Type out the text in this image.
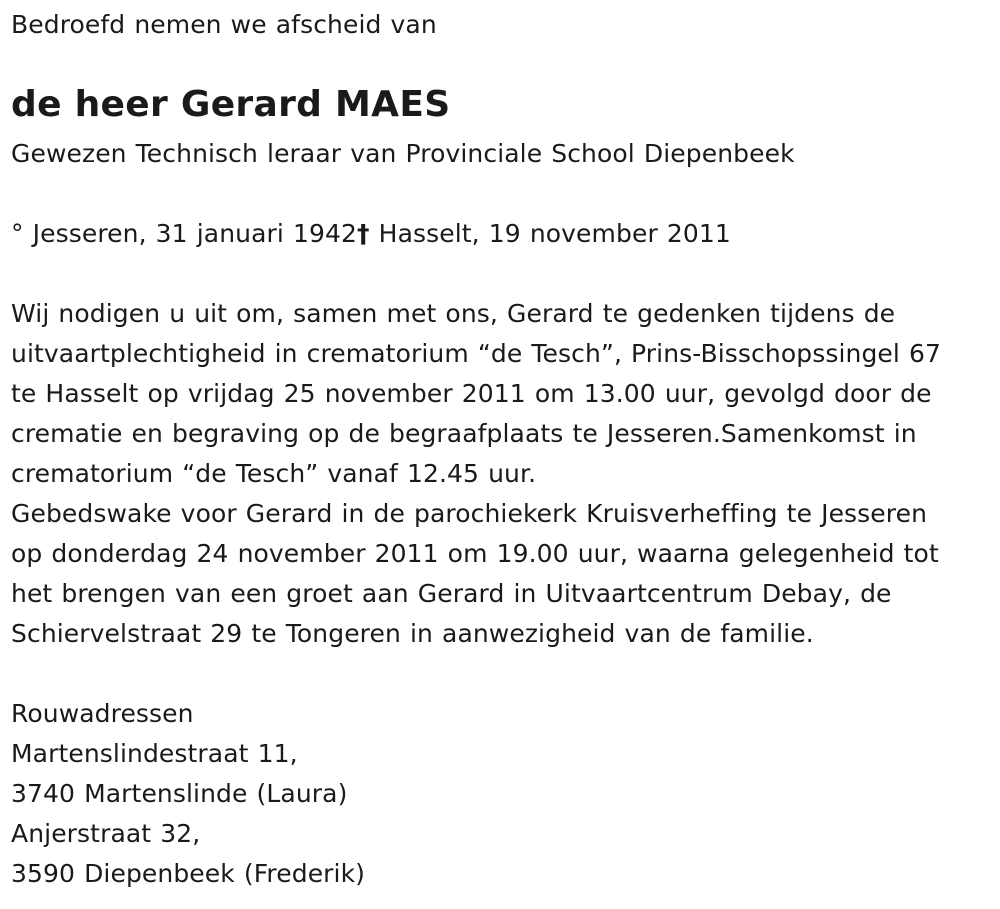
Bedroefd nemen we afscheid van
de heer Gerard MAES
Gewezen Technisch leraar van Provinciale School Diepenbeek
° Jesseren, 31 januari 1942† Hasselt, 19 november 2011
Wij nodigen u uit om, samen met ons, Gerard te gedenken tijdens de
uitvaartplechtigheid in crematorium “de Tesch”, Prins-Bisschopssingel 67
te Hasselt op vrijdag 25 november 2011 om 13.00 uur, gevolgd door de
crematie en begraving op de begraafplaats te Jesseren.Samenkomst in
crematorium “de Tesch” vanaf 12.45 uur.
Gebedswake voor Gerard in de parochiekerk Kruisverheffing te Jesseren
op donderdag 24 november 2011 om 19.00 uur, waarna gelegenheid tot
het brengen van een groet aan Gerard in Uitvaartcentrum Debay, de
Schiervelstraat 29 te Tongeren in aanwezigheid van de familie.
Rouwadressen
Martenslindestraat 11,
3740 Martenslinde (Laura)
Anjerstraat 32,
3590 Diepenbeek (Frederik)
